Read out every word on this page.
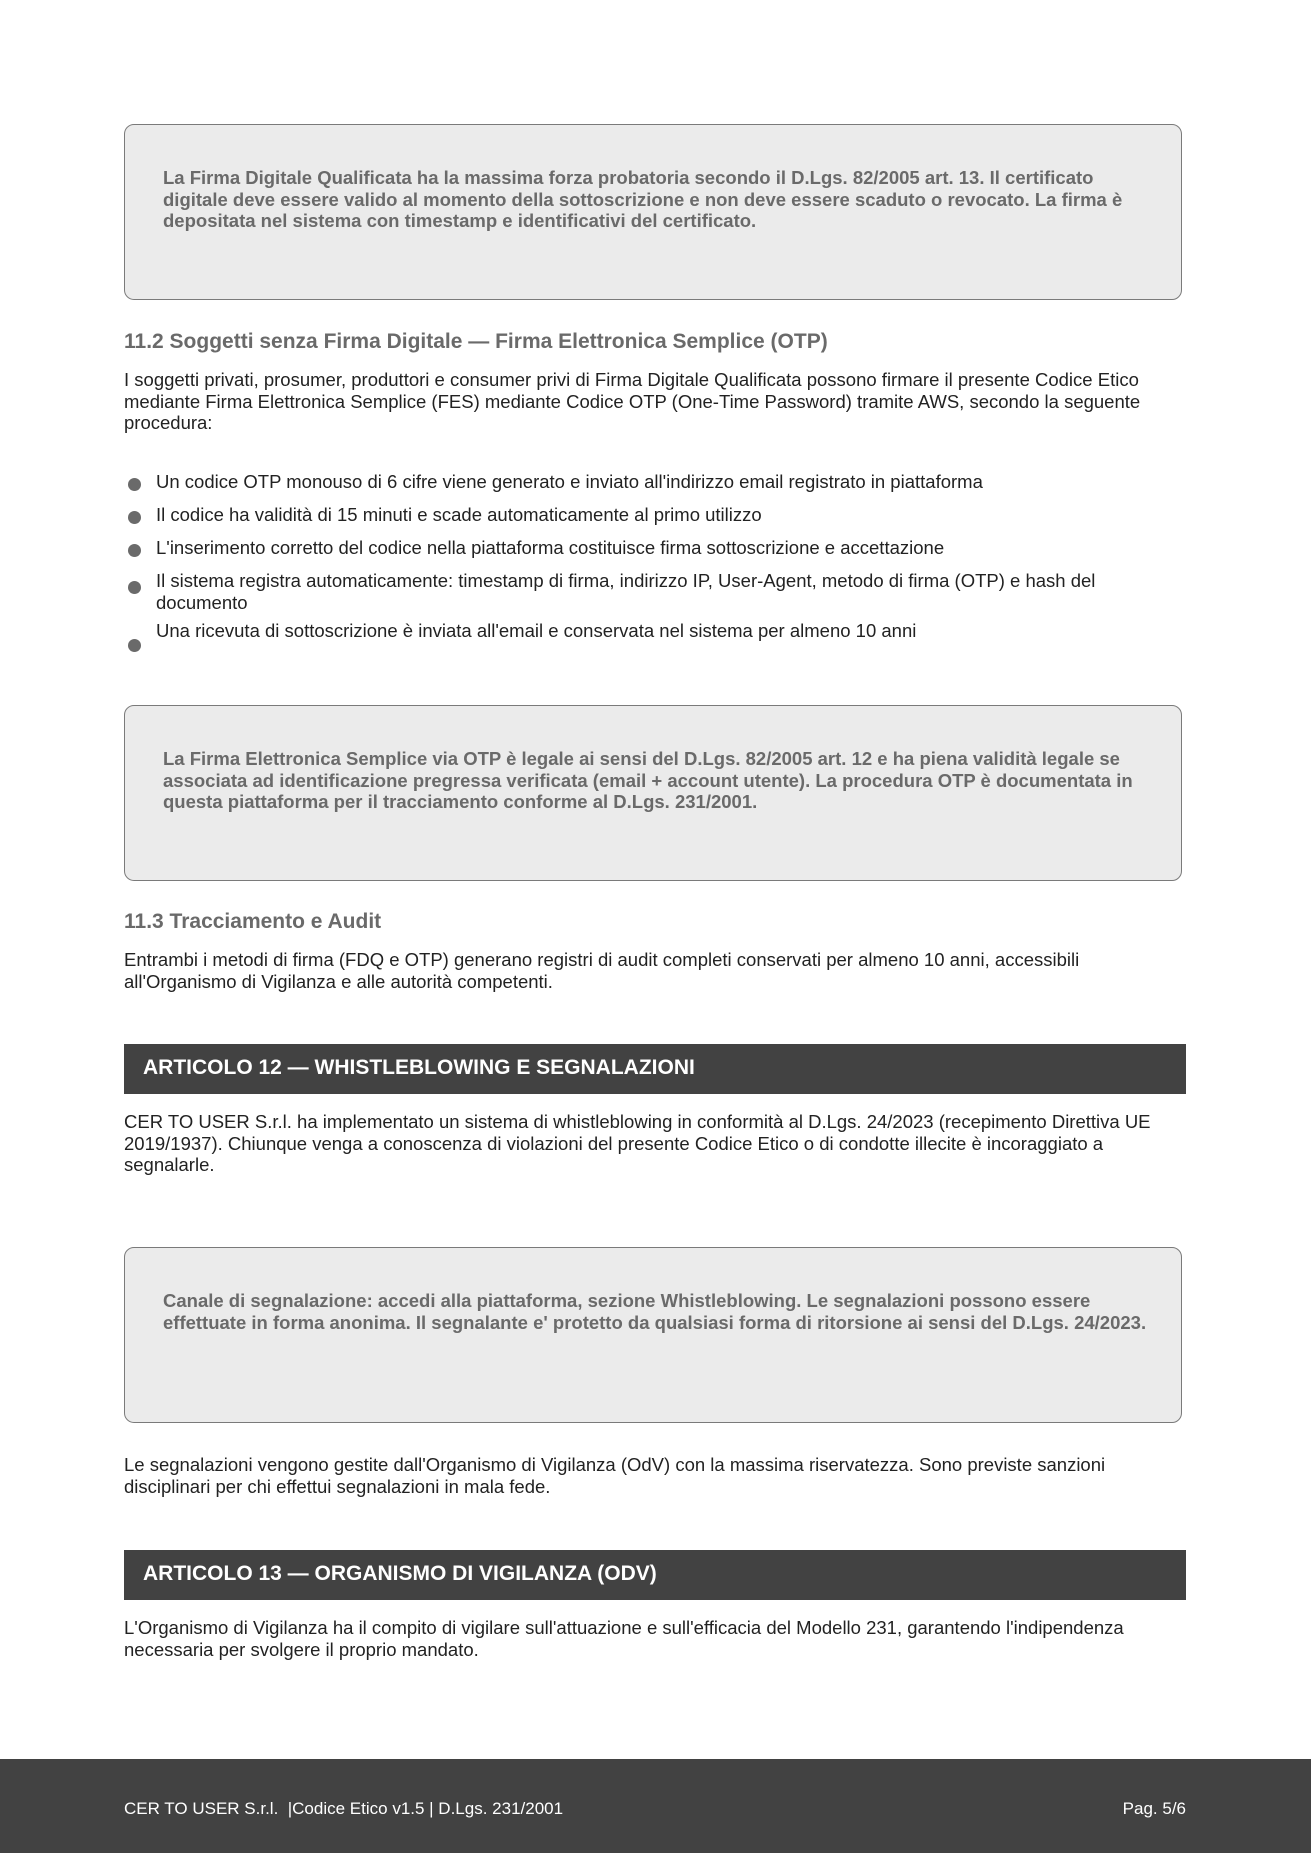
La Firma Digitale Qualificata ha la massima forza probatoria secondo il D.Lgs. 82/2005 art. 13. Il certificato digitale deve essere valido al momento della sottoscrizione e non deve essere scaduto o revocato. La firma è depositata nel sistema con timestamp e identificativi del certificato.

11.2 Soggetti senza Firma Digitale — Firma Elettronica Semplice (OTP)

I soggetti privati, prosumer, produttori e consumer privi di Firma Digitale Qualificata possono firmare il presente Codice Etico mediante Firma Elettronica Semplice (FES) mediante Codice OTP (One-Time Password) tramite AWS, secondo la seguente procedura:

Un codice OTP monouso di 6 cifre viene generato e inviato all'indirizzo email registrato in piattaforma
Il codice ha validità di 15 minuti e scade automaticamente al primo utilizzo
L'inserimento corretto del codice nella piattaforma costituisce firma sottoscrizione e accettazione
Il sistema registra automaticamente: timestamp di firma, indirizzo IP, User-Agent, metodo di firma (OTP) e hash del documento
Una ricevuta di sottoscrizione è inviata all'email e conservata nel sistema per almeno 10 anni

La Firma Elettronica Semplice via OTP è legale ai sensi del D.Lgs. 82/2005 art. 12 e ha piena validità legale se associata ad identificazione pregressa verificata (email + account utente). La procedura OTP è documentata in questa piattaforma per il tracciamento conforme al D.Lgs. 231/2001.

11.3 Tracciamento e Audit

Entrambi i metodi di firma (FDQ e OTP) generano registri di audit completi conservati per almeno 10 anni, accessibili all'Organismo di Vigilanza e alle autorità competenti.

ARTICOLO 12 — WHISTLEBLOWING E SEGNALAZIONI

CER TO USER S.r.l. ha implementato un sistema di whistleblowing in conformità al D.Lgs. 24/2023 (recepimento Direttiva UE 2019/1937). Chiunque venga a conoscenza di violazioni del presente Codice Etico o di condotte illecite è incoraggiato a segnalarle.

Canale di segnalazione: accedi alla piattaforma, sezione Whistleblowing. Le segnalazioni possono essere effettuate in forma anonima. Il segnalante e' protetto da qualsiasi forma di ritorsione ai sensi del D.Lgs. 24/2023.

Le segnalazioni vengono gestite dall'Organismo di Vigilanza (OdV) con la massima riservatezza. Sono previste sanzioni disciplinari per chi effettui segnalazioni in mala fede.

ARTICOLO 13 — ORGANISMO DI VIGILANZA (ODV)

L'Organismo di Vigilanza ha il compito di vigilare sull'attuazione e sull'efficacia del Modello 231, garantendo l'indipendenza necessaria per svolgere il proprio mandato.

CER TO USER S.r.l.  |Codice Etico v1.5 | D.Lgs. 231/2001	Pag. 5/6
